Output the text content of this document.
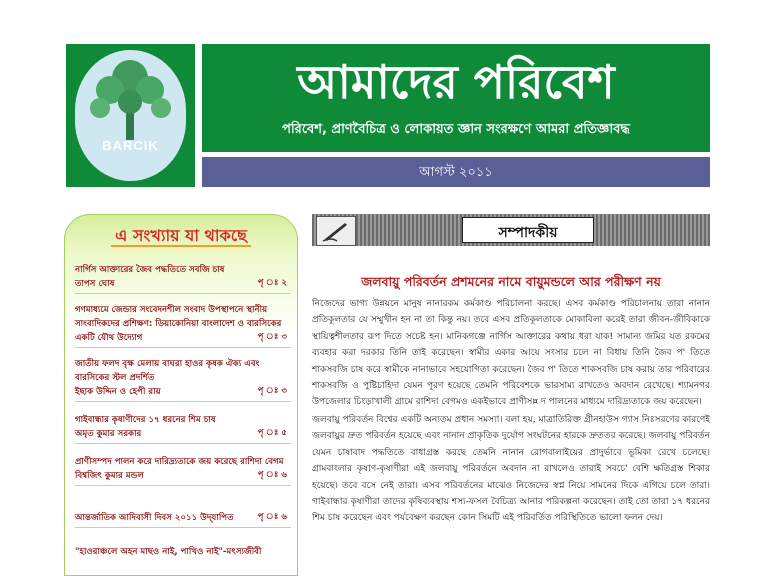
BARCIK
আমাদের পরিবেশ
পরিবেশ, প্রাণবৈচিত্র ও লোকায়ত জ্ঞান সংরক্ষণে আমরা প্রতিজ্ঞাবদ্ধ
আগস্ট ২০১১
এ সংখ্যায় যা থাকছে
নার্গিস আক্তারের জৈব পদ্ধতিতে সবজি চাষ
তাপস ঘোষ	পৃ ঃ ২
গণমাধ্যমে জেন্ডার সংবেদনশীল সংবাদ উপস্থাপনে স্থানীয় সাংবাদিকদের প্রশিক্ষণ: ডিয়াকোনিয়া বাংলাদেশ ও বারসিকের একটি যৌথ উদ্যোগ	পৃ ঃ ৩
জাতীয় ফলদ বৃক্ষ মেলায় বাঘরা হাওর কৃষক ঐক্য এবং বারসিকের স্টল প্রদর্শিত
ইছাক উদ্দিন ও হেপী রায়	পৃ ঃ ৩
গাইবান্ধার কৃষাণীদের ১৭ ধরনের শিম চাষ
অমৃত কুমার সরকার	পৃ ঃ ৫
প্রাণীসম্পদ পালন করে দারিদ্র্যতাকে জয় করেছে রাশিদা বেগম
বিশ্বজিৎ কুমার মন্ডল	পৃ ঃ ৬
আন্তর্জাতিক আদিবাসী দিবস ২০১১ উদ্‌যাপিত	পৃ ঃ ৬
"হাওরাঞ্চলে অহন মাছও নাই, পাখিও নাই"-মৎস্যজীবী
সম্পাদকীয়
জলবায়ু পরিবর্তন প্রশমনের নামে বায়ুমন্ডলে আর পরীক্ষণ নয়
নিজেদের ভাগ্য উন্নয়নে মানুষ নানারকম কর্মকাণ্ড পরিচালনা করছে। এসব কর্মকাণ্ড পরিচালনায় তারা নানান প্রতিকূলতার যে সম্মুখীন হন না তা কিন্তু নয়। তবে এসব প্রতিকূলতাকে মোকাবিলা করেই তারা জীবন-জীবিকাকে স্থায়িত্বশীলতার রূপ দিতে সচেষ্ট হন। মানিকগঞ্জে নার্গিস আক্তারের কথায় ধরা যাক! সামান্য জমির যত রকমের ব্যবহার করা দরকার তিনি তাই করেছেন। স্বামীর একার আয়ে সংসার চলে না বিধায় তিনি জৈব প' তিতে শাকসবজি চাষ করে স্বামীকে নানাভাবে সহযোগিতা করেছেন। জৈব প' তিতে শাকসবজি চাষ করায় তার পরিবারের শাকসবজি ও পুষ্টিচাহিদা যেমন পূরণ হয়েছে তেমনি পরিবেশকে ভারসাম্য রাখতেও অবদান রেখেছে। শ্যামনগর উপজেলার চিংড়াখালী গ্রামে রাশিদা বেগমও একইভাবে প্রাণীস¤ দ পালনের মাধ্যমে দারিদ্র্যতাকে জয় করেছেন।
জলবায়ু পরিবর্তন বিশ্বের একটি অন্যতম প্রধান সমস্যা। বলা হয়, মাত্রাতিরিক্ত গ্রীনহাউস গ্যাস নিঃসরণের কারণেই জলবায়ুর দ্রুত পরিবর্তন হয়েছে এবং নানান প্রাকৃতিক দুর্যোগ সংঘটনের হারকে দ্রুততর করেছে। জলবায়ু পরিবর্তন যেমন চাষাবাদ পদ্ধতিতে বাধাগ্রস্ত করছে তেমনি নানান রোগবালাইয়ের প্রাদুর্ভাবে ভূমিকা রেখে চলেছে। গ্রামবাংলার কৃষাণ-কৃষাণীরা এই জলবায়ু পরিবর্তনে অবদান না রাখলেও তারাই সবচে' বেশি ক্ষতিগ্রস্ত শিকার হয়েছে। তবে বসে নেই তারা। এসব পরিবর্তনের মাঝেও নিজেদের স্বপ্ন নিয়ে সামনের দিকে এগিয়ে চলে তারা। গাইবান্ধার কৃষাণীরা তাদের কৃষিব্যবস্থায় শস্য-ফসল বৈচিত্র্য আনার পরিকল্পনা করেছেন। তাই তো তারা ১৭ ধরনের শিম চাষ করেছেন এবং পর্যবেক্ষণ করছেন কোন সিমটি এই পরিবর্তিত পরিস্থিতিতে ভালো ফলন দেয়।
